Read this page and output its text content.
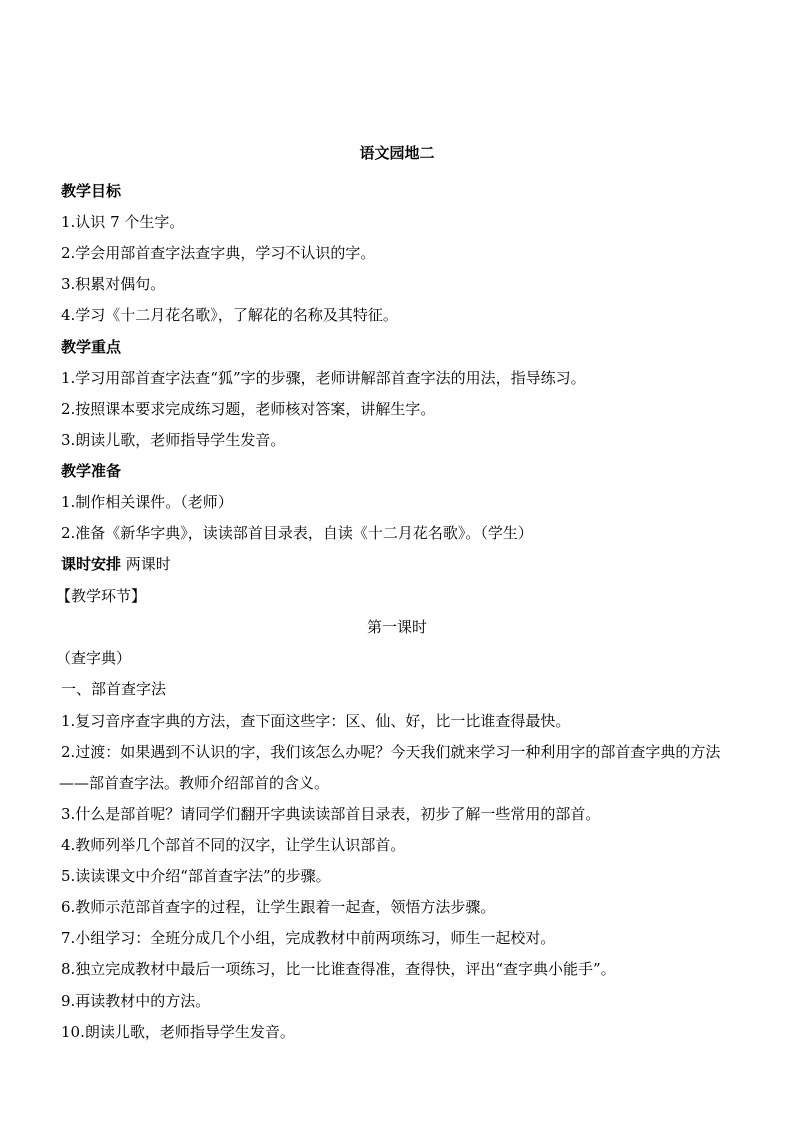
语文园地二
教学目标
1.认识 7 个生字。
2.学会用部首查字法查字典，学习不认识的字。
3.积累对偶句。
4.学习《十二月花名歌》，了解花的名称及其特征。
教学重点
1.学习用部首查字法查“狐”字的步骤，老师讲解部首查字法的用法，指导练习。
2.按照课本要求完成练习题，老师核对答案，讲解生字。
3.朗读儿歌，老师指导学生发音。
教学准备
1.制作相关课件。（老师）
2.准备《新华字典》，读读部首目录表，自读《十二月花名歌》。（学生）
课时安排 两课时
【教学环节】
第一课时
（查字典）
一、部首查字法
1.复习音序查字典的方法，查下面这些字：区、仙、好，比一比谁查得最快。
2.过渡：如果遇到不认识的字，我们该怎么办呢？今天我们就来学习一种利用字的部首查字典的方法
——部首查字法。教师介绍部首的含义。
3.什么是部首呢？请同学们翻开字典读读部首目录表，初步了解一些常用的部首。
4.教师列举几个部首不同的汉字，让学生认识部首。
5.读读课文中介绍“部首查字法”的步骤。
6.教师示范部首查字的过程，让学生跟着一起查，领悟方法步骤。
7.小组学习：全班分成几个小组，完成教材中前两项练习，师生一起校对。
8.独立完成教材中最后一项练习，比一比谁查得准，查得快，评出“查字典小能手”。
9.再读教材中的方法。
10.朗读儿歌，老师指导学生发音。
